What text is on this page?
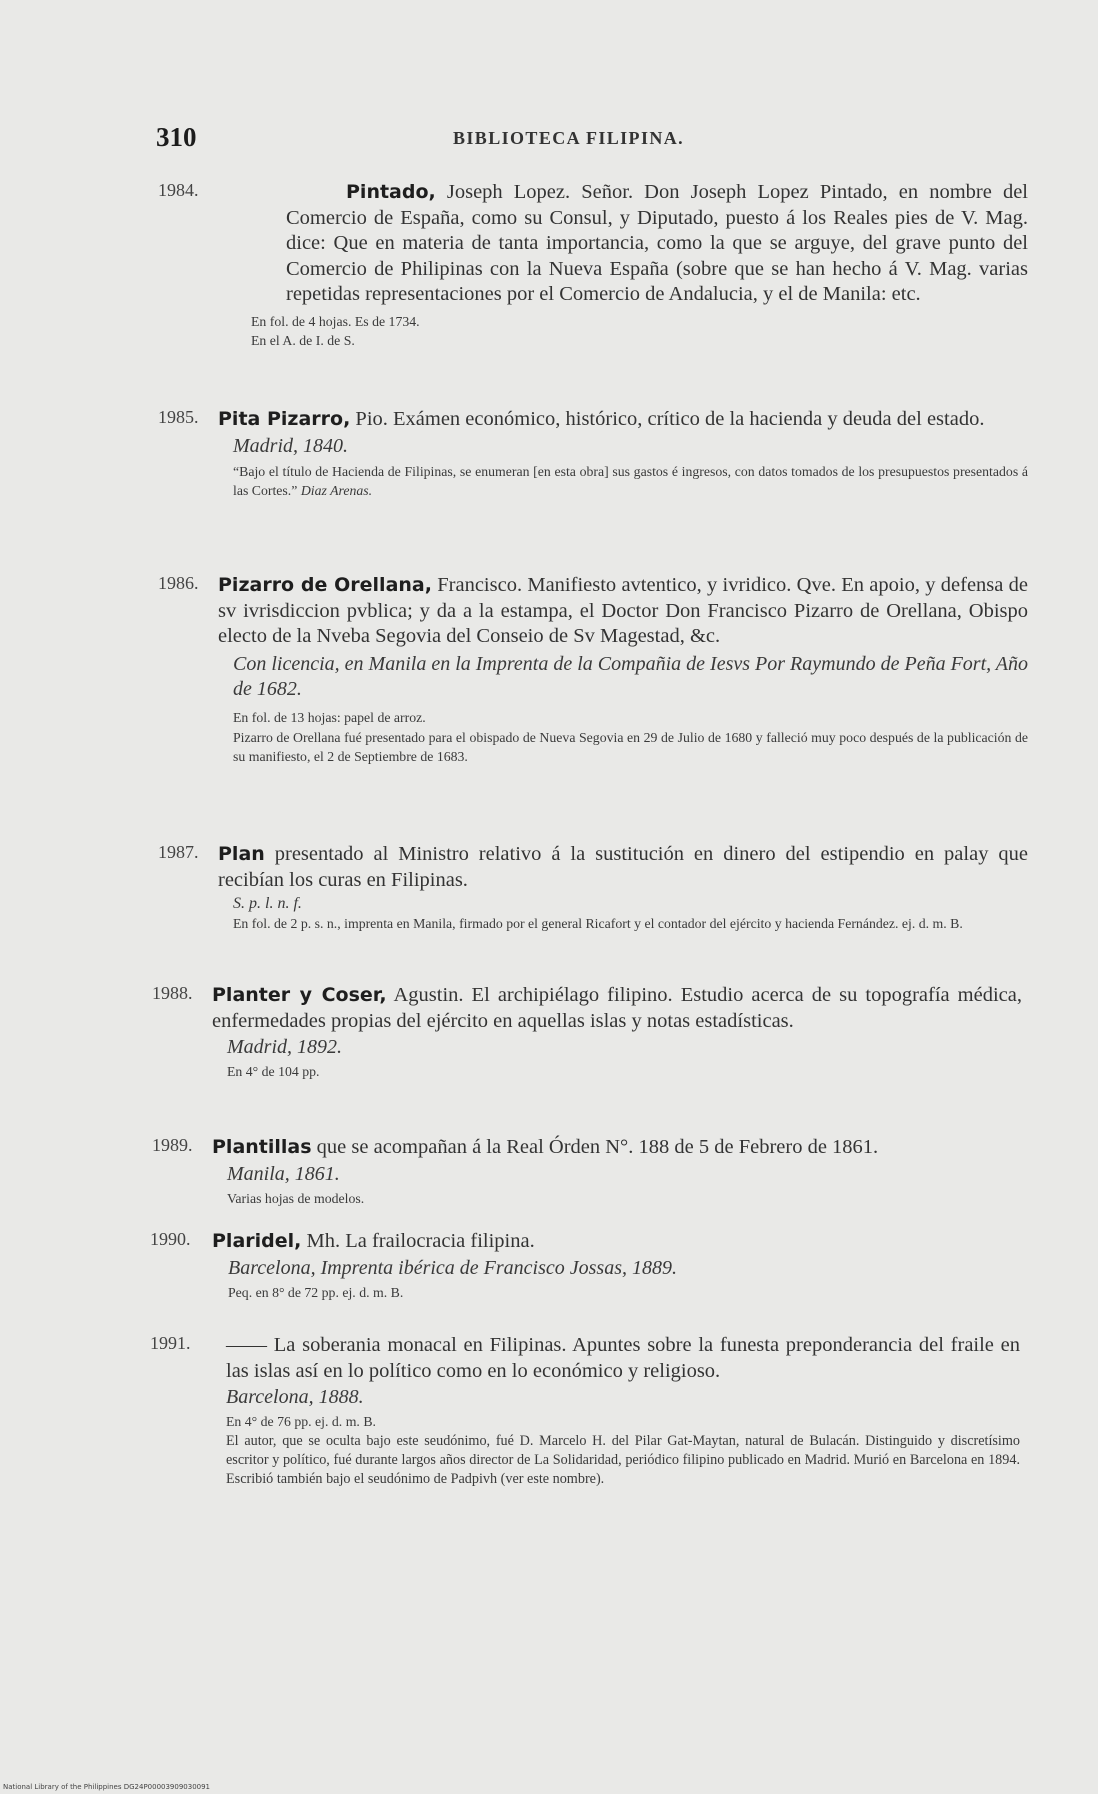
310	BIBLIOTECA FILIPINA.
1984.	Pintado, Joseph Lopez. Señor. Don Joseph Lopez Pintado, en nombre del Comercio de España, como su Consul, y Diputado, puesto á los Reales pies de V. Mag. dice: Que en materia de tanta importancia, como la que se arguye, del grave punto del Comercio de Philipinas con la Nueva España (sobre que se han hecho á V. Mag. varias repetidas representaciones por el Comercio de Andalucia, y el de Manila: etc.
En fol. de 4 hojas. Es de 1734.
En el A. de I. de S.
1985. Pita Pizarro, Pio. Exámen económico, histórico, crítico de la hacienda y deuda del estado.
Madrid, 1840.
“Bajo el título de Hacienda de Filipinas, se enumeran [en esta obra] sus gastos é ingresos, con datos tomados de los presupuestos presentados á las Cortes.” Diaz Arenas.
1986. Pizarro de Orellana, Francisco. Manifiesto avtentico, y ivridico. Qve. En apoio, y defensa de sv ivrisdiccion pvblica; y da a la estampa, el Doctor Don Francisco Pizarro de Orellana, Obispo electo de la Nveba Segovia del Conseio de Sv Magestad, &c.
Con licencia, en Manila en la Imprenta de la Compañia de Iesvs Por Raymundo de Peña Fort, Año de 1682.
En fol. de 13 hojas: papel de arroz.
Pizarro de Orellana fué presentado para el obispado de Nueva Segovia en 29 de Julio de 1680 y falleció muy poco después de la publicación de su manifiesto, el 2 de Septiembre de 1683.
1987. Plan presentado al Ministro relativo á la sustitución en dinero del estipendio en palay que recibían los curas en Filipinas.
S. p. l. n. f.
En fol. de 2 p. s. n., imprenta en Manila, firmado por el general Ricafort y el contador del ejército y hacienda Fernández. ej. d. m. B.
1988. Planter y Coser, Agustin. El archipiélago filipino. Estudio acerca de su topografía médica, enfermedades propias del ejército en aquellas islas y notas estadísticas.
Madrid, 1892.
En 4° de 104 pp.
1989. Plantillas que se acompañan á la Real Órden N°. 188 de 5 de Febrero de 1861.
Manila, 1861.
Varias hojas de modelos.
1990. Plaridel, Mh. La frailocracia filipina.
Barcelona, Imprenta ibérica de Francisco Jossas, 1889.
Peq. en 8° de 72 pp. ej. d. m. B.
1991. —— La soberania monacal en Filipinas. Apuntes sobre la funesta preponderancia del fraile en las islas así en lo político como en lo económico y religioso.
Barcelona, 1888.
En 4° de 76 pp. ej. d. m. B.
El autor, que se oculta bajo este seudónimo, fué D. Marcelo H. del Pilar Gat-Maytan, natural de Bulacán. Distinguido y discretísimo escritor y político, fué durante largos años director de La Solidaridad, periódico filipino publicado en Madrid. Murió en Barcelona en 1894. Escribió también bajo el seudónimo de Padpivh (ver este nombre).
National Library of the Philippines DG24P00003909030091
